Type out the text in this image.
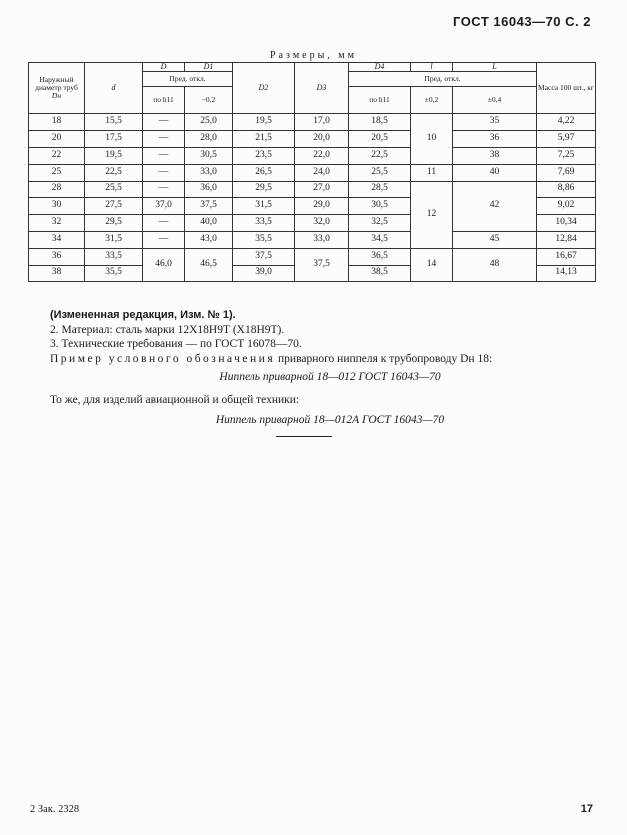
ГОСТ 16043—70 С. 2
Размеры, мм
Наружный диаметр труб
Dн	d	D	D1	D2	D3	D4	l	L	Масса 100 шт., кг
		Пред. откл.				Пред. откл.			
		по h11	−0,2			по h11	±0,2	±0,4	
18	15,5	—	25,0	19,5	17,0	18,5	10	35	4,22
20	17,5	—	28,0	21,5	20,0	20,5		36	5,97
22	19,5	—	30,5	23,5	22,0	22,5		38	7,25
25	22,5	—	33,0	26,5	24,0	25,5	11	40	7,69
28	25,5	—	36,0	29,5	27,0	28,5	12	42	8,86
30	27,5	37,0	37,5	31,5	29,0	30,5			9,02
32	29,5	—	40,0	33,5	32,0	32,5			10,34
34	31,5	—	43,0	35,5	33,0	34,5		45	12,84
36	33,5	46,0	46,5	37,5	37,5	36,5	14	48	16,67
38	35,5			39,0		38,5			14,13

(Измененная редакция, Изм. № 1).

2. Материал: сталь марки 12Х18Н9Т (Х18Н9Т).

3. Технические требования — по ГОСТ 16078—70.

Пример условного обозначения приварного ниппеля к трубопроводу Dн 18:

Ниппель приварной 18—012 ГОСТ 16043—70

То же, для изделий авиационной и общей техники:

Ниппель приварной 18—012А ГОСТ 16043—70

2 Зак. 2328	17
